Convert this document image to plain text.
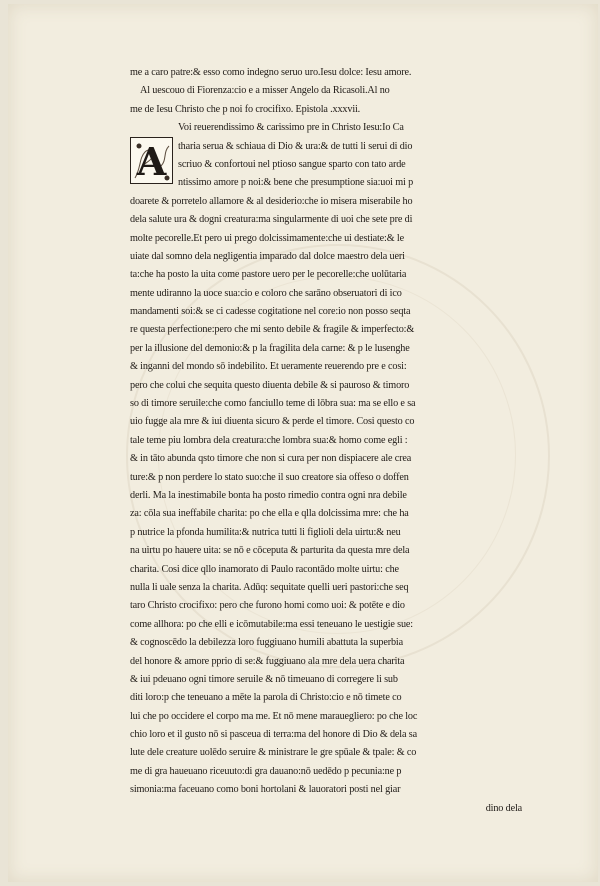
A
me a caro patre:& esso como indegno seruo uro.Iesu dolce: Iesu amore.
Al uescouo di Fiorenza:cio e a misser Angelo da Ricasoli.Al no
me de Iesu Christo che p noi fo crocifixo. Epistola .xxxvii.
Voi reuerendissimo & carissimo pre in Christo Iesu:Io Ca
tharia serua & schiaua di Dio & ura:& de tutti li serui di dio
scriuo & confortoui nel ptioso sangue sparto con tato arde
ntissimo amore p noi:& bene che presumptione sia:uoi mi p
doarete & porretelo allamore & al desiderio:che io misera miserabile ho
dela salute ura & dogni creatura:ma singularmente di uoi che sete pre di
molte pecorelle.Et pero ui prego dolcissimamente:che ui destiate:& le
uiate dal somno dela negligentia imparado dal dolce maestro dela ueri
ta:che ha posto la uita come pastore uero per le pecorelle:che uolūtaria
mente udiranno la uoce sua:cio e coloro che sarāno obseruatori di ico
mandamenti soi:& se ci cadesse cogitatione nel core:io non posso seqta
re questa perfectione:pero che mi sento debile & fragile & imperfecto:&
per la illusione del demonio:& p la fragilita dela carne: & p le lusenghe
& inganni del mondo sō indebilito. Et ueramente reuerendo pre e cosi:
pero che colui che sequita questo diuenta debile & si pauroso & timoro
so di timore seruile:che como fanciullo teme di lōbra sua: ma se ello e sa
uio fugge ala mre & iui diuenta sicuro & perde el timore. Cosi questo co
tale teme piu lombra dela creatura:che lombra sua:& homo come egli :
& in tāto abunda qsto timore che non si cura per non dispiacere ale crea
ture:& p non perdere lo stato suo:che il suo creatore sia offeso o doffen
derli. Ma la inestimabile bonta ha posto rimedio contra ogni nra debile
za: cōla sua ineffabile charita: po che ella e qlla dolcissima mre: che ha
p nutrice la pfonda humilita:& nutrica tutti li figlioli dela uirtu:& neu
na uirtu po hauere uita: se nō e cōceputa & parturita da questa mre dela
charita. Cosi dice qllo inamorato di Paulo racontādo molte uirtu: che
nulla li uale senza la charita. Adūq: sequitate quelli ueri pastori:che seq
taro Christo crocifixo: pero che furono homi como uoi: & potēte e dio
come allhora: po che elli e icōmutabile:ma essi teneuano le uestigie sue:
& cognoscēdo la debilezza loro fuggiuano humili abattuta la superbia
del honore & amore pprio di se:& fuggiuano ala mre dela uera charita
& iui pdeuano ogni timore seruile & nō timeuano di corregere li sub
diti loro:p che teneuano a mēte la parola di Christo:cio e nō timete co
lui che po occidere el corpo ma me. Et nō mene marauegliero: po che loc
chio loro et il gusto nō si pasceua di terra:ma del honore di Dio & dela sa
lute dele creature uolēdo seruire & ministrare le gre spūale & tpale: & co
me di gra haueuano riceuuto:di gra dauano:nō uedēdo p pecunia:ne p
simonia:ma faceuano como boni hortolani & lauoratori posti nel giar
dino dela
